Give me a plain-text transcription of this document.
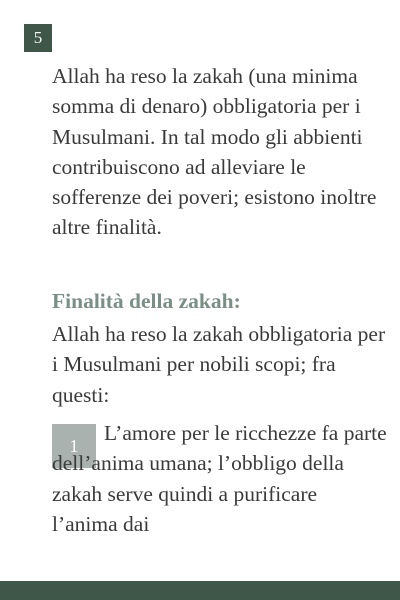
5

Allah ha reso la zakah (una minima somma di denaro) obbligatoria per i Musulmani. In tal modo gli abbienti contribuiscono ad alleviare le sofferenze dei poveri; esistono inoltre altre finalità.

Finalità della zakah:

Allah ha reso la zakah obbligatoria per i Musulmani per nobili scopi; fra questi:

1

L’amore per le ricchezze fa parte dell’anima umana; l’obbligo della zakah serve quindi a purificare l’anima dai
